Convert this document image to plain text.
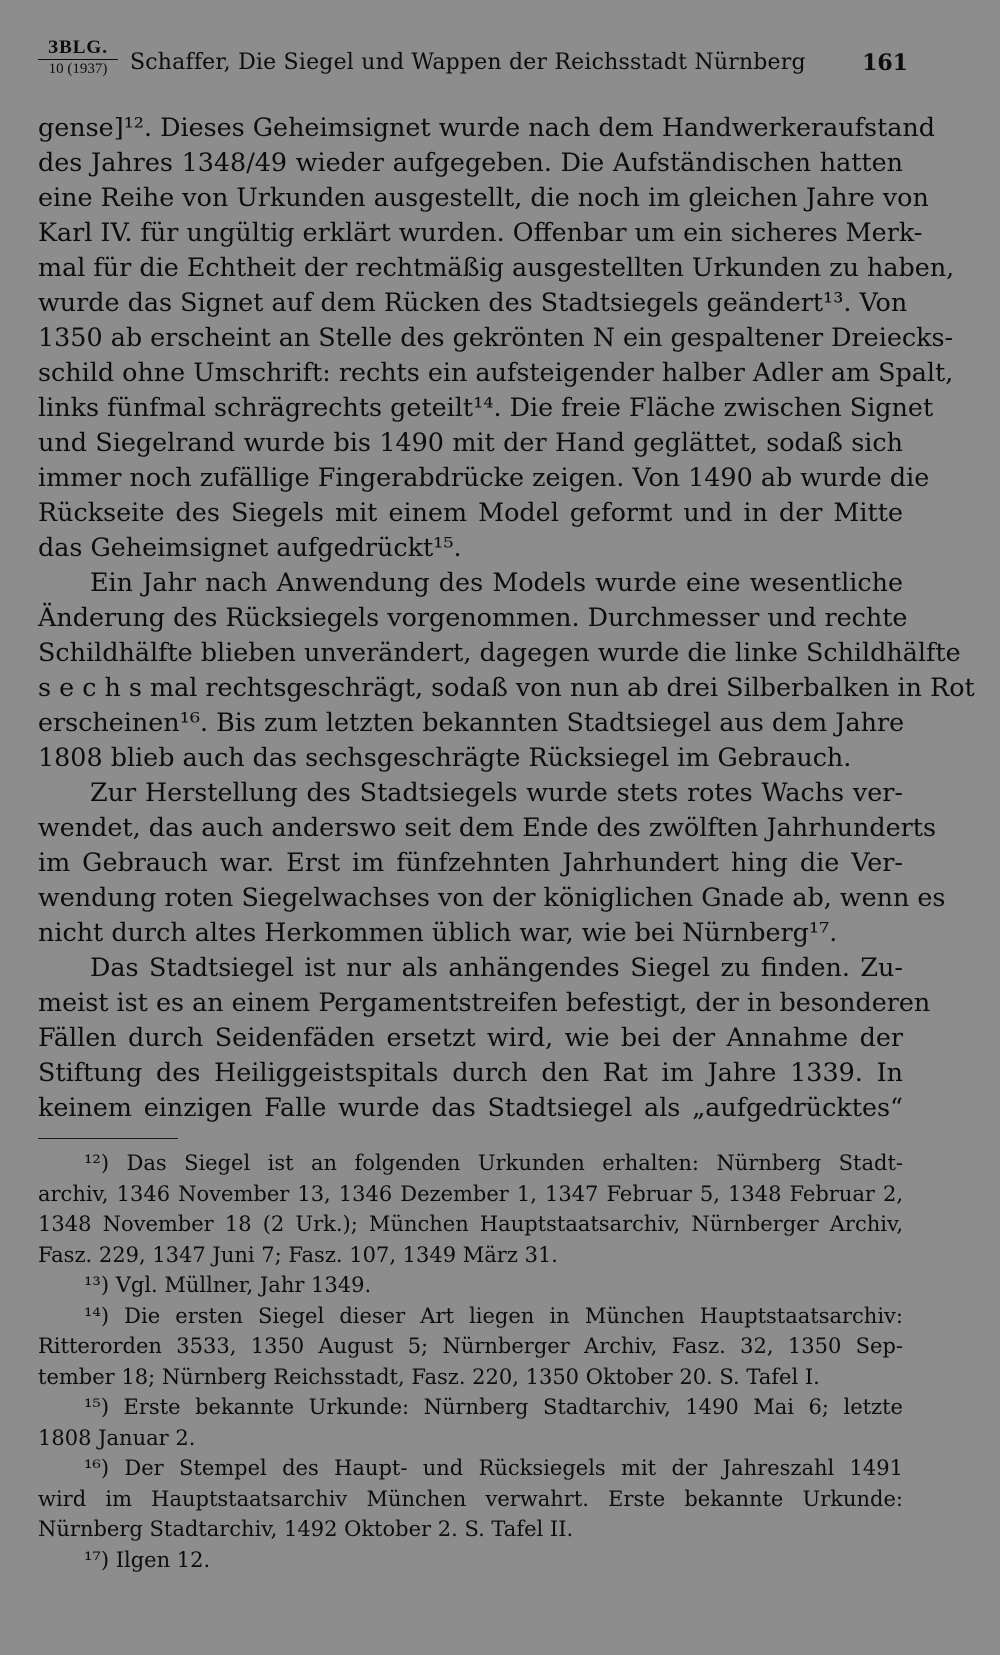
ЗВLG.
10 (1937)	Schaffer, Die Siegel und Wappen der Reichsstadt Nürnberg	161
gense]¹². Dieses Geheimsignet wurde nach dem Handwerkeraufstand
des Jahres 1348/49 wieder aufgegeben. Die Aufständischen hatten
eine Reihe von Urkunden ausgestellt, die noch im gleichen Jahre von
Karl IV. für ungültig erklärt wurden. Offenbar um ein sicheres Merk-
mal für die Echtheit der rechtmäßig ausgestellten Urkunden zu haben,
wurde das Signet auf dem Rücken des Stadtsiegels geändert¹³. Von
1350 ab erscheint an Stelle des gekrönten N ein gespaltener Dreiecks-
schild ohne Umschrift: rechts ein aufsteigender halber Adler am Spalt,
links fünfmal schrägrechts geteilt¹⁴. Die freie Fläche zwischen Signet
und Siegelrand wurde bis 1490 mit der Hand geglättet, sodaß sich
immer noch zufällige Fingerabdrücke zeigen. Von 1490 ab wurde die
Rückseite des Siegels mit einem Model geformt und in der Mitte
das Geheimsignet aufgedrückt¹⁵.
Ein Jahr nach Anwendung des Models wurde eine wesentliche
Änderung des Rücksiegels vorgenommen. Durchmesser und rechte
Schildhälfte blieben unverändert, dagegen wurde die linke Schildhälfte
s e c h s mal rechtsgeschrägt, sodaß von nun ab drei Silberbalken in Rot
erscheinen¹⁶. Bis zum letzten bekannten Stadtsiegel aus dem Jahre
1808 blieb auch das sechsgeschrägte Rücksiegel im Gebrauch.
Zur Herstellung des Stadtsiegels wurde stets rotes Wachs ver-
wendet, das auch anderswo seit dem Ende des zwölften Jahrhunderts
im Gebrauch war. Erst im fünfzehnten Jahrhundert hing die Ver-
wendung roten Siegelwachses von der königlichen Gnade ab, wenn es
nicht durch altes Herkommen üblich war, wie bei Nürnberg¹⁷.
Das Stadtsiegel ist nur als anhängendes Siegel zu finden. Zu-
meist ist es an einem Pergamentstreifen befestigt, der in besonderen
Fällen durch Seidenfäden ersetzt wird, wie bei der Annahme der
Stiftung des Heiliggeistspitals durch den Rat im Jahre 1339. In
keinem einzigen Falle wurde das Stadtsiegel als „aufgedrücktes“
¹²) Das Siegel ist an folgenden Urkunden erhalten: Nürnberg Stadt-
archiv, 1346 November 13, 1346 Dezember 1, 1347 Februar 5, 1348 Februar 2,
1348 November 18 (2 Urk.); München Hauptstaatsarchiv, Nürnberger Archiv,
Fasz. 229, 1347 Juni 7; Fasz. 107, 1349 März 31.
¹³) Vgl. Müllner, Jahr 1349.
¹⁴) Die ersten Siegel dieser Art liegen in München Hauptstaatsarchiv:
Ritterorden 3533, 1350 August 5; Nürnberger Archiv, Fasz. 32, 1350 Sep-
tember 18; Nürnberg Reichsstadt, Fasz. 220, 1350 Oktober 20. S. Tafel I.
¹⁵) Erste bekannte Urkunde: Nürnberg Stadtarchiv, 1490 Mai 6; letzte
1808 Januar 2.
¹⁶) Der Stempel des Haupt- und Rücksiegels mit der Jahreszahl 1491
wird im Hauptstaatsarchiv München verwahrt. Erste bekannte Urkunde:
Nürnberg Stadtarchiv, 1492 Oktober 2. S. Tafel II.
¹⁷) Ilgen 12.
